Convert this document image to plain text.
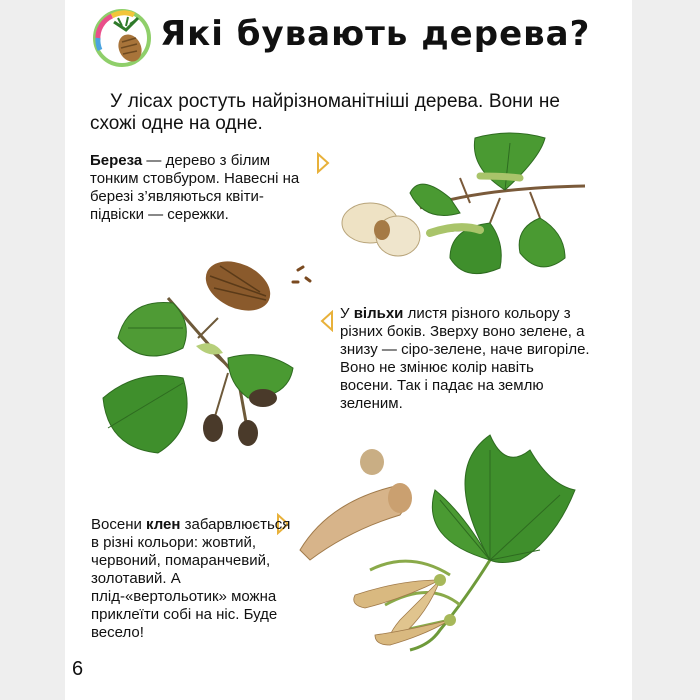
Які бувають дерева?

У лісах ростуть найрізноманітніші дерева. Вони не схожі одне на одне.

Береза — дерево з білим тонким стовбуром. Навесні на березі з’являються квіти-підвіски — сережки.

У вільхи листя різного кольору з різних боків. Зверху воно зелене, а знизу — сіро-зелене, наче вигоріле. Воно не змінює колір навіть восени. Так і падає на землю зеленим.

Восени клен забарвлюється в різні кольори: жовтий, червоний, помаранчевий, золотавий. А плід-«вертольотик» можна приклеїти собі на ніс. Буде весело!

6
